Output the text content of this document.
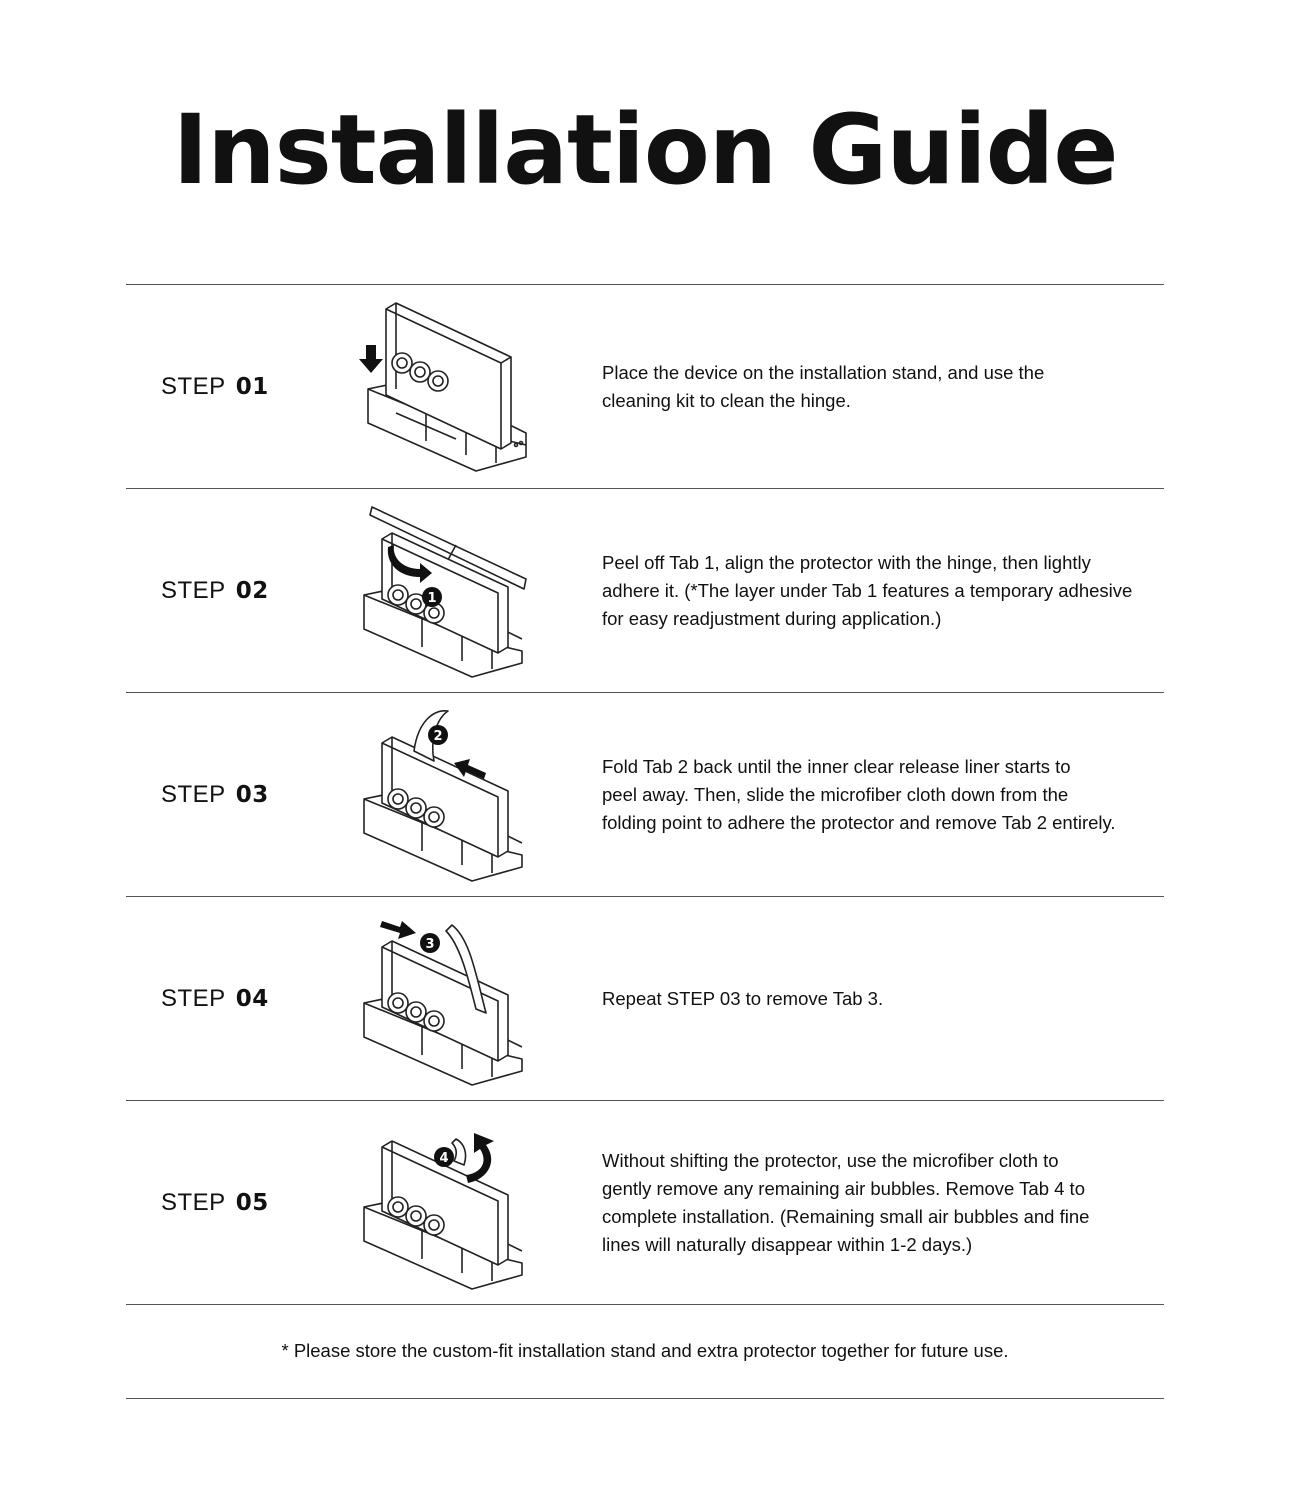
Installation Guide
STEP 01
Place the device on the installation stand, and use the
cleaning kit to clean the hinge.
STEP 02	1
Peel off Tab 1, align the protector with the hinge, then lightly
adhere it. (*The layer under Tab 1 features a temporary adhesive
for easy readjustment during application.)
STEP 03
2
Fold Tab 2 back until the inner clear release liner starts to
peel away. Then, slide the microfiber cloth down from the
folding point to adhere the protector and remove Tab 2 entirely.
STEP 04
3
Repeat STEP 03 to remove Tab 3.
STEP 05
4	Without shifting the protector, use the microfiber cloth to
gently remove any remaining air bubbles. Remove Tab 4 to
complete installation. (Remaining small air bubbles and fine
lines will naturally disappear within 1-2 days.)
* Please store the custom-fit installation stand and extra protector together for future use.
